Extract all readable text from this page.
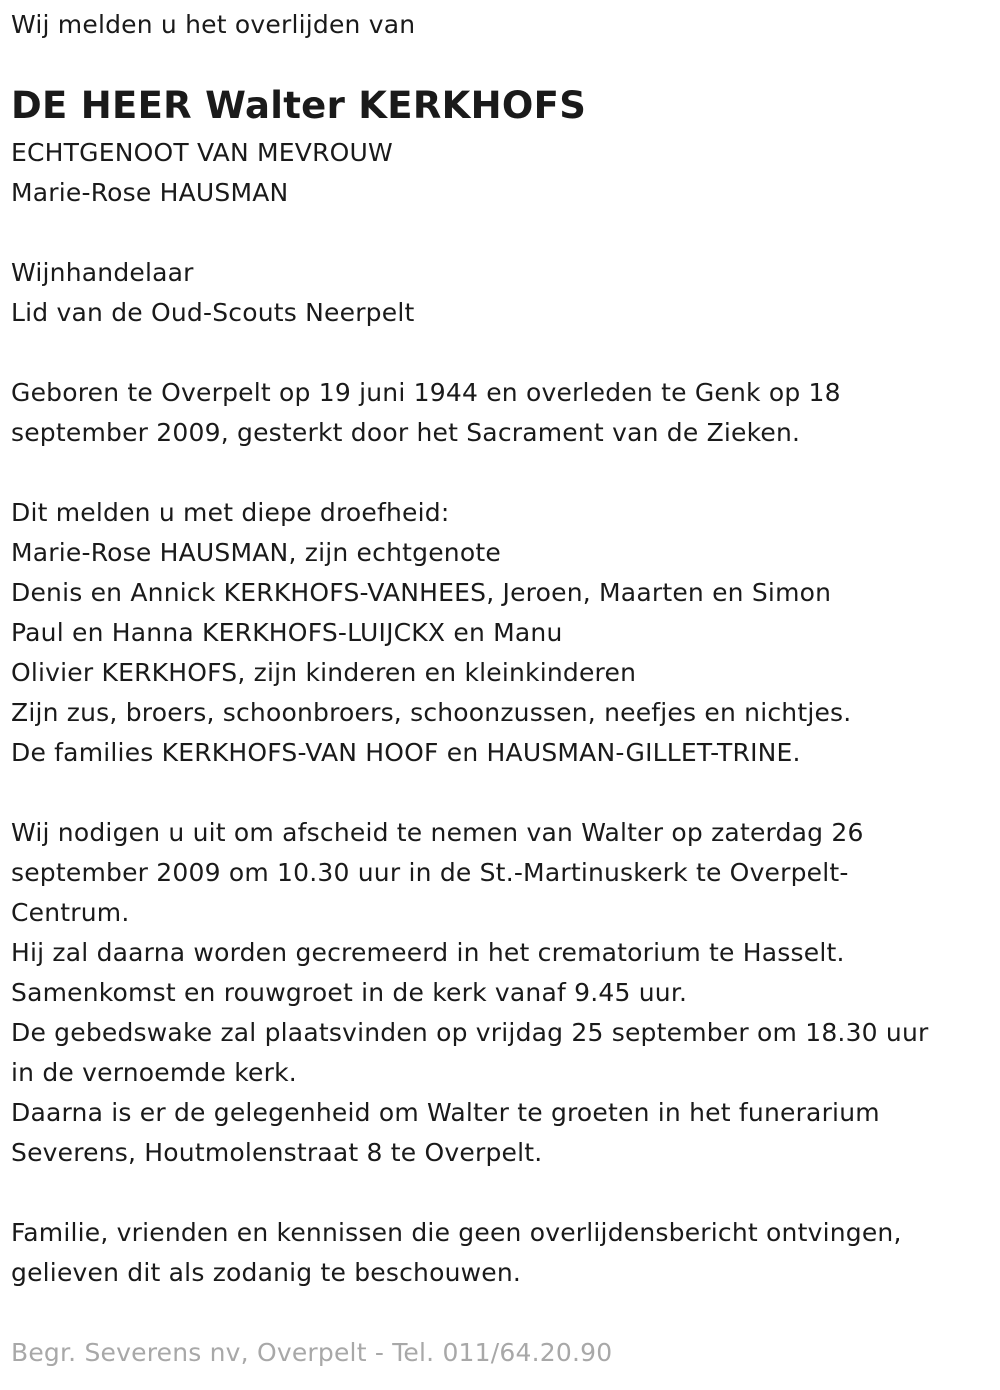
Wij melden u het overlijden van
DE HEER Walter KERKHOFS
ECHTGENOOT VAN MEVROUW
Marie-Rose HAUSMAN
Wijnhandelaar
Lid van de Oud-Scouts Neerpelt
Geboren te Overpelt op 19 juni 1944 en overleden te Genk op 18
september 2009, gesterkt door het Sacrament van de Zieken.
Dit melden u met diepe droefheid:
Marie-Rose HAUSMAN, zijn echtgenote
Denis en Annick KERKHOFS-VANHEES, Jeroen, Maarten en Simon
Paul en Hanna KERKHOFS-LUIJCKX en Manu
Olivier KERKHOFS, zijn kinderen en kleinkinderen
Zijn zus, broers, schoonbroers, schoonzussen, neefjes en nichtjes.
De families KERKHOFS-VAN HOOF en HAUSMAN-GILLET-TRINE.
Wij nodigen u uit om afscheid te nemen van Walter op zaterdag 26
september 2009 om 10.30 uur in de St.-Martinuskerk te Overpelt-
Centrum.
Hij zal daarna worden gecremeerd in het crematorium te Hasselt.
Samenkomst en rouwgroet in de kerk vanaf 9.45 uur.
De gebedswake zal plaatsvinden op vrijdag 25 september om 18.30 uur
in de vernoemde kerk.
Daarna is er de gelegenheid om Walter te groeten in het funerarium
Severens, Houtmolenstraat 8 te Overpelt.
Familie, vrienden en kennissen die geen overlijdensbericht ontvingen,
gelieven dit als zodanig te beschouwen.
Begr. Severens nv, Overpelt - Tel. 011/64.20.90
